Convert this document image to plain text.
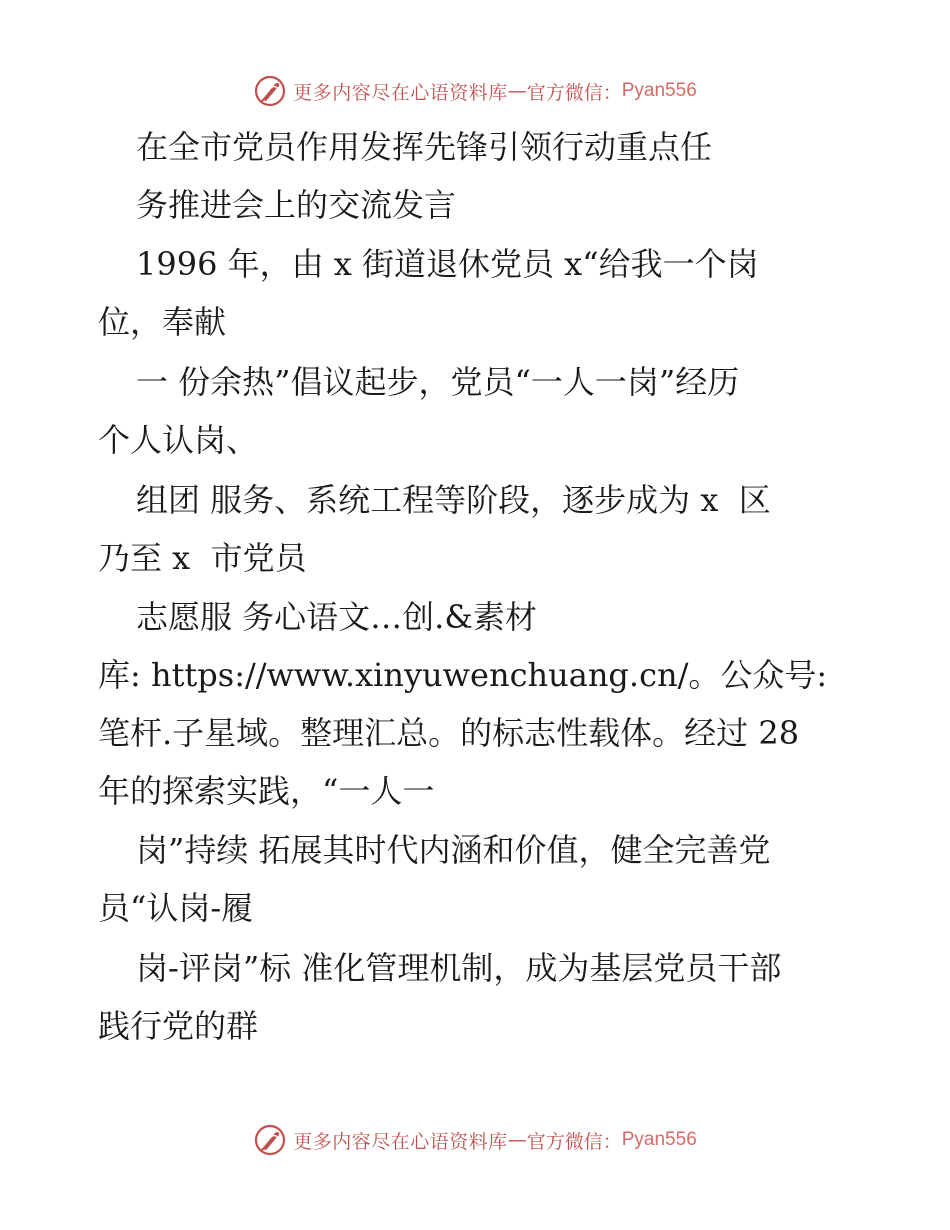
更多内容尽在心语资料库 — 官方微信： Pyan556
在全市党员作用发挥先锋引领行动重点任
务推进会上的交流发言
1996 年，由 x 街道退休党员 x“给我一个岗
位，奉献
一 份余热”倡议起步，党员“一人一岗”经历
个人认岗、
组团 服务、系统工程等阶段，逐步成为 x  区
乃至 x  市党员
志愿服 务心语文…创.&素材
库: https://www.xinyuwenchuang.cn/。公众号:
笔杆.子星域。整理汇总。的标志性载体。经过 28
年的探索实践，“一人一
岗”持续 拓展其时代内涵和价值，健全完善党
员“认岗-履
岗-评岗”标 准化管理机制，成为基层党员干部
践行党的群
更多内容尽在心语资料库 — 官方微信： Pyan556
